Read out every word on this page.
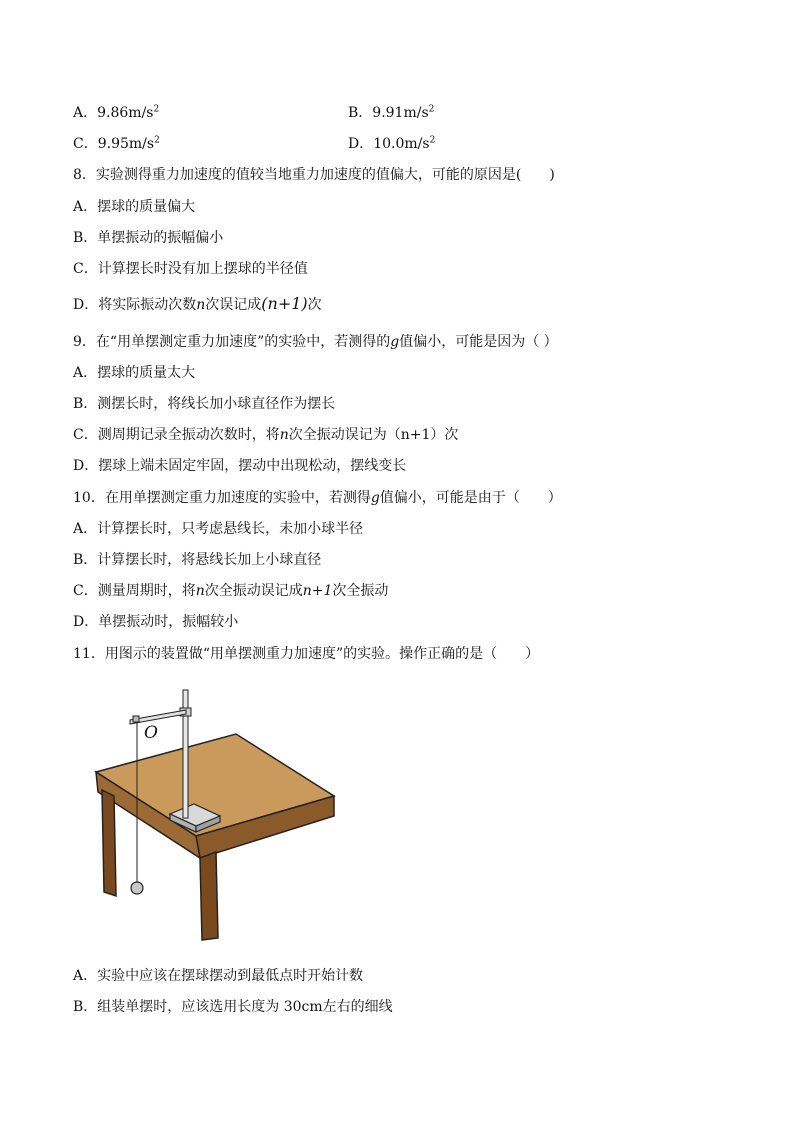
A．$9.86m/s^2$	B．$9.91m/s^2$
C．$9.95m/s^2$	D．$10.0m/s^2$
8．实验测得重力加速度的值较当地重力加速度的值偏大，可能的原因是(　　)
A．摆球的质量偏大
B．单摆振动的振幅偏小
C．计算摆长时没有加上摆球的半径值
D．将实际振动次数n次误记成(n+1)次
9．在“用单摆测定重力加速度”的实验中，若测得的g值偏小，可能是因为（ ）
A．摆球的质量太大
B．测摆长时，将线长加小球直径作为摆长
C．测周期记录全振动次数时，将n次全振动误记为（n+1）次
D．摆球上端未固定牢固，摆动中出现松动，摆线变长
10．在用单摆测定重力加速度的实验中，若测得g值偏小，可能是由于（　　）
A．计算摆长时，只考虑悬线长，未加小球半径
B．计算摆长时，将悬线长加上小球直径
C．测量周期时，将n次全振动误记成n+1次全振动
D．单摆振动时，振幅较小
11．用图示的装置做“用单摆测重力加速度”的实验。操作正确的是（　　）
O
A．实验中应该在摆球摆动到最低点时开始计数
B．组装单摆时，应该选用长度为 30cm左右的细线
